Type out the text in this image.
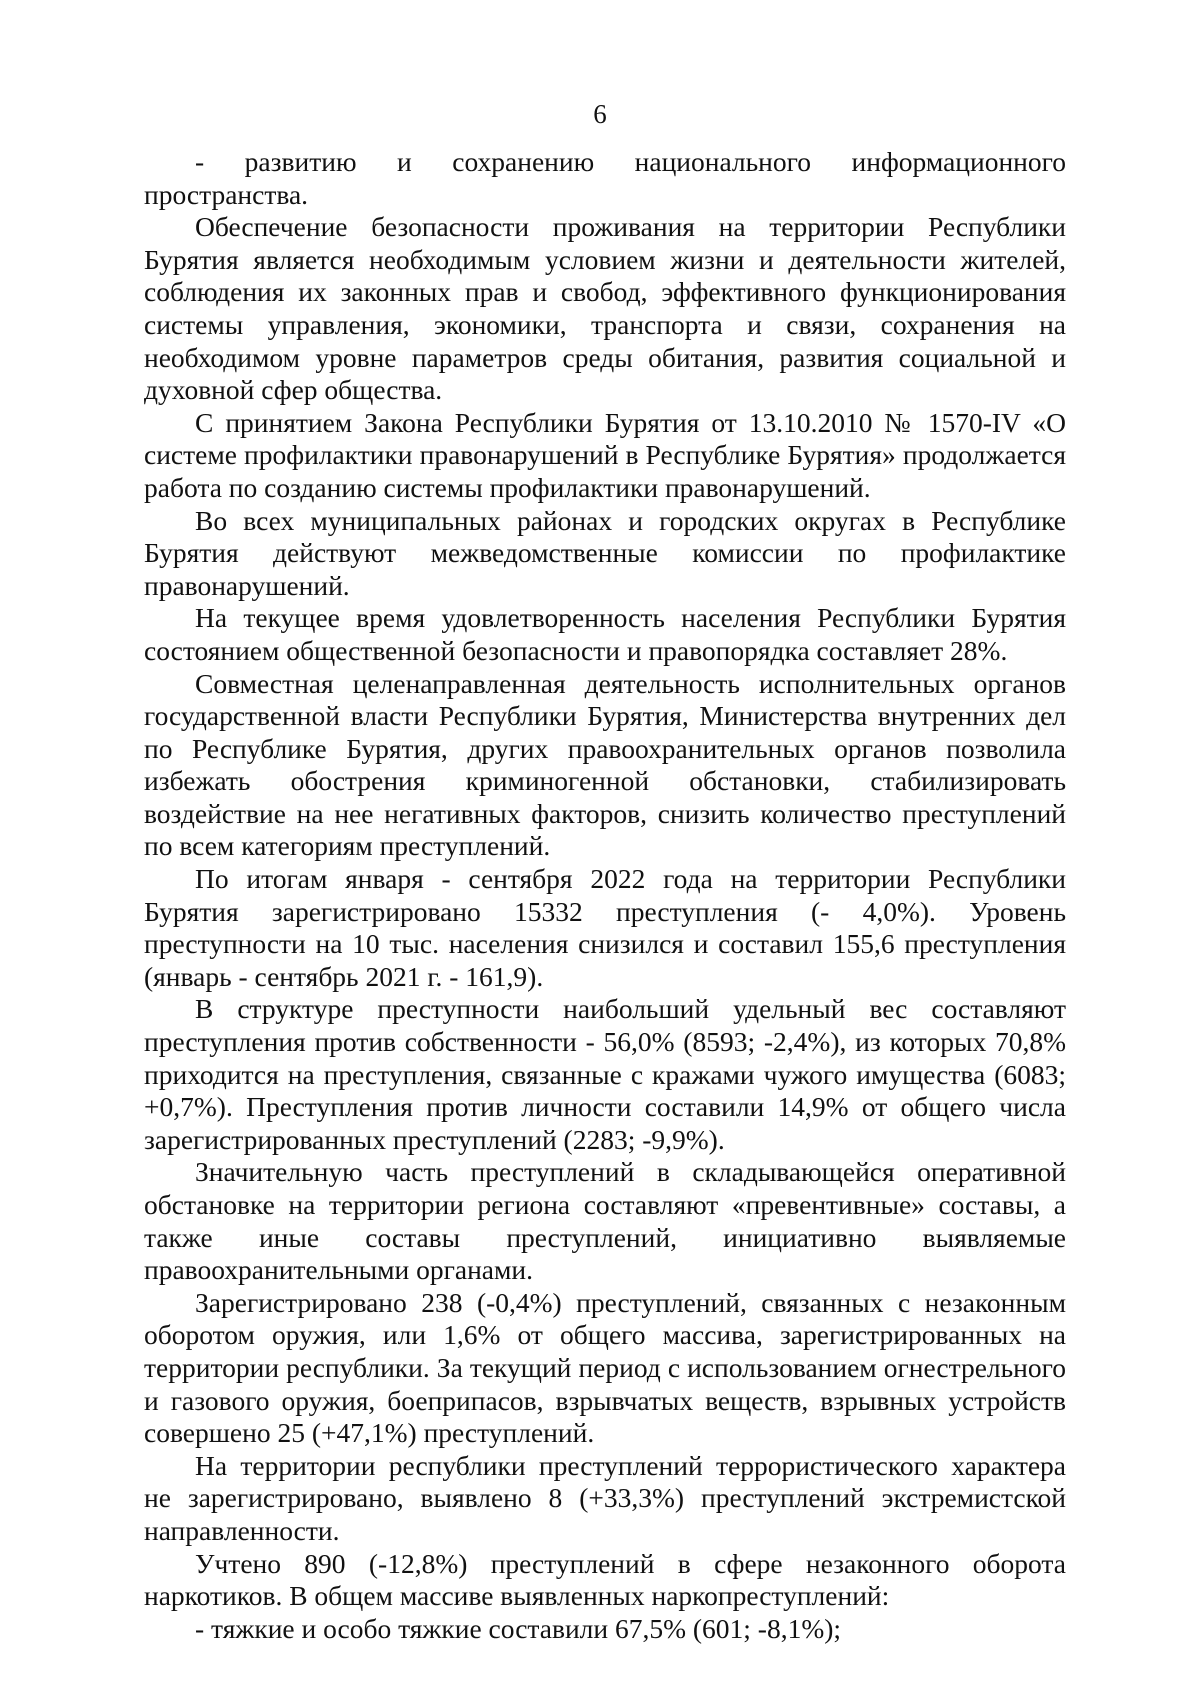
6

- развитию и сохранению национального информационного пространства.

Обеспечение безопасности проживания на территории Республики Бурятия является необходимым условием жизни и деятельности жителей, соблюдения их законных прав и свобод, эффективного функционирования системы управления, экономики, транспорта и связи, сохранения на необходимом уровне параметров среды обитания, развития социальной и духовной сфер общества.

С принятием Закона Республики Бурятия от 13.10.2010 № 1570-IV «О системе профилактики правонарушений в Республике Бурятия» продолжается работа по созданию системы профилактики правонарушений.

Во всех муниципальных районах и городских округах в Республике Бурятия действуют межведомственные комиссии по профилактике правонарушений.

На текущее время удовлетворенность населения Республики Бурятия состоянием общественной безопасности и правопорядка составляет 28%.

Совместная целенаправленная деятельность исполнительных органов государственной власти Республики Бурятия, Министерства внутренних дел по Республике Бурятия, других правоохранительных органов позволила избежать обострения криминогенной обстановки, стабилизировать воздействие на нее негативных факторов, снизить количество преступлений по всем категориям преступлений.

По итогам января - сентября 2022 года на территории Республики Бурятия зарегистрировано 15332 преступления (- 4,0%). Уровень преступности на 10 тыс. населения снизился и составил 155,6 преступления (январь - сентябрь 2021 г. - 161,9).

В структуре преступности наибольший удельный вес составляют преступления против собственности - 56,0% (8593; -2,4%), из которых 70,8% приходится на преступления, связанные с кражами чужого имущества (6083; +0,7%). Преступления против личности составили 14,9% от общего числа зарегистрированных преступлений (2283; -9,9%).

Значительную часть преступлений в складывающейся оперативной обстановке на территории региона составляют «превентивные» составы, а также иные составы преступлений, инициативно выявляемые правоохранительными органами.

Зарегистрировано 238 (-0,4%) преступлений, связанных с незаконным оборотом оружия, или 1,6% от общего массива, зарегистрированных на территории республики. За текущий период с использованием огнестрельного и газового оружия, боеприпасов, взрывчатых веществ, взрывных устройств совершено 25 (+47,1%) преступлений.

На территории республики преступлений террористического характера не зарегистрировано, выявлено 8 (+33,3%) преступлений экстремистской направленности.

Учтено 890 (-12,8%) преступлений в сфере незаконного оборота наркотиков. В общем массиве выявленных наркопреступлений:

- тяжкие и особо тяжкие составили 67,5% (601; -8,1%);
